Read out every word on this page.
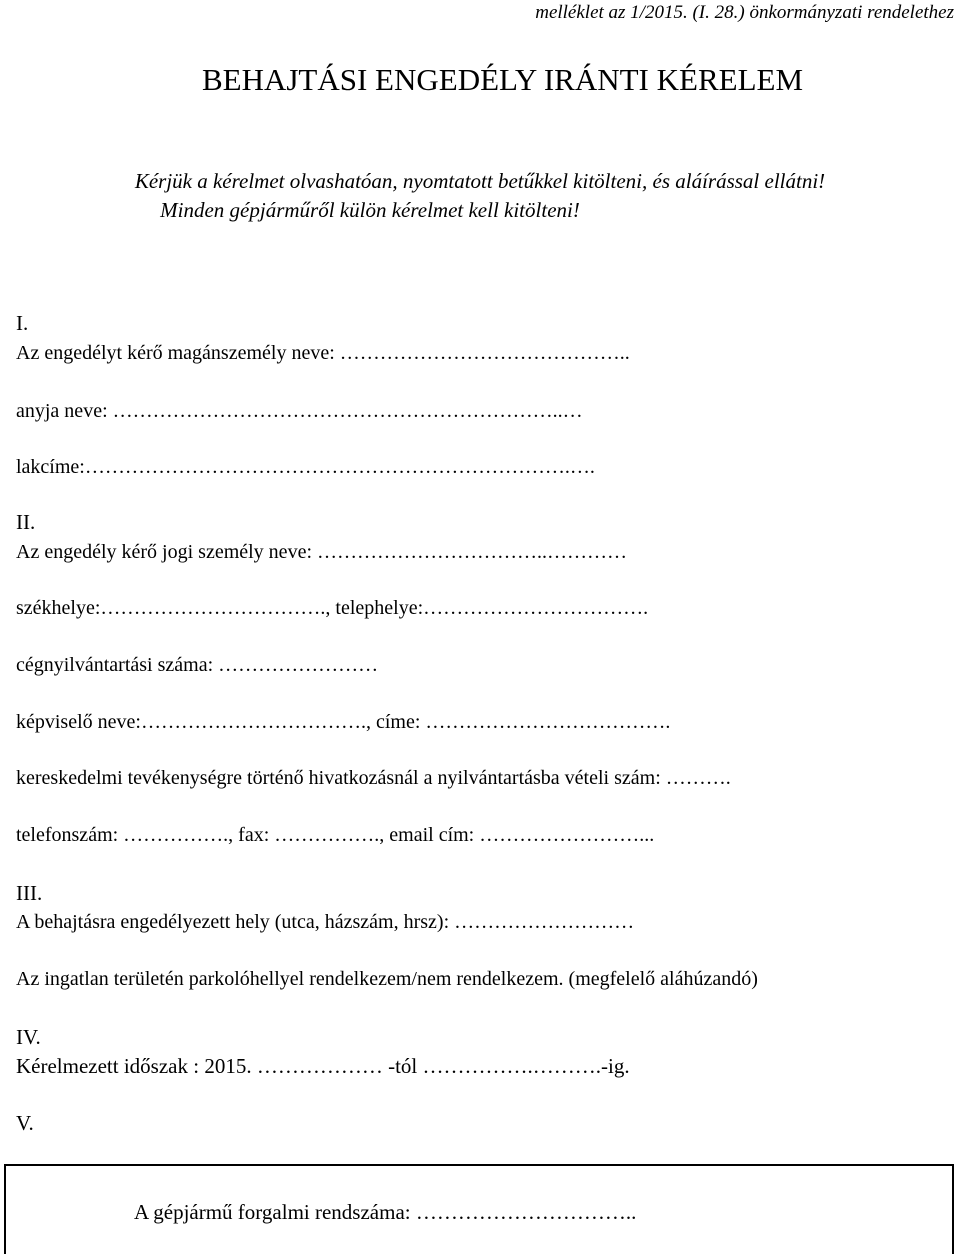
melléklet az 1/2015. (I. 28.) önkormányzati rendelethez
BEHAJTÁSI ENGEDÉLY IRÁNTI KÉRELEM
Kérjük a kérelmet olvashatóan, nyomtatott betűkkel kitölteni, és aláírással ellátni!
Minden gépjárműről külön kérelmet kell kitölteni!
I.
Az engedélyt kérő magánszemély neve: ……………………………………..
anyja neve: …………………………………………………………..…
lakcíme:……………………………………………………………….….
II.
Az engedély kérő jogi személy neve: ……………………………..…………
székhelye:……………………………., telephelye:…………………………….
cégnyilvántartási száma: ……………………
képviselő neve:……………………………., címe: ……………………………….
kereskedelmi tevékenységre történő hivatkozásnál a nyilvántartásba vételi szám: ……….
telefonszám: ……………., fax: ……………., email cím: ……………………...
III.
A behajtásra engedélyezett hely (utca, házszám, hrsz): ………………………
Az ingatlan területén parkolóhellyel rendelkezem/nem rendelkezem. (megfelelő aláhúzandó)
IV.
Kérelmezett időszak : 2015. ……………… -tól …………….……….-ig.
V.
A gépjármű forgalmi rendszáma: …………………………..
